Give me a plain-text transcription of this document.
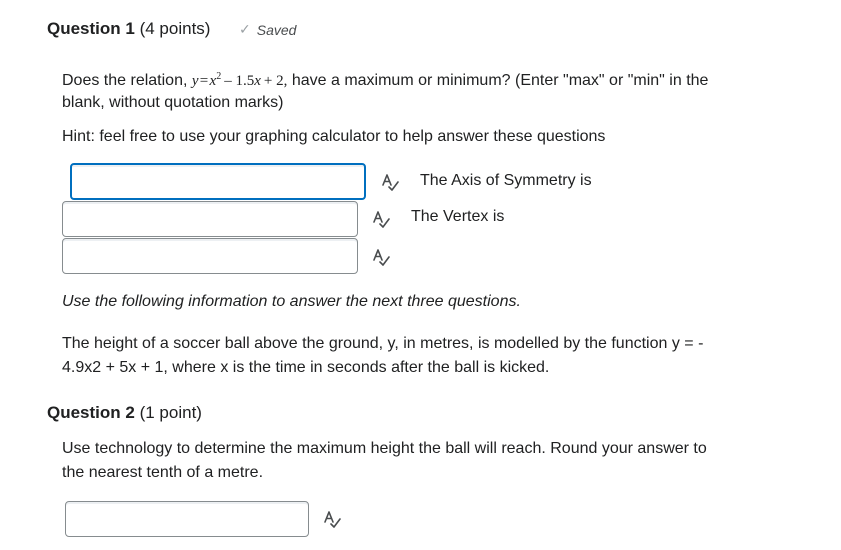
Question 1 (4 points) ✓ Saved
Does the relation, y = $x^2 - 1.5x + 2$, have a maximum or minimum? (Enter "max" or "min" in the
blank, without quotation marks)
Hint: feel free to use your graphing calculator to help answer these questions
The Axis of Symmetry is
The Vertex is
Use the following information to answer the next three questions.
The height of a soccer ball above the ground, y, in metres, is modelled by the function y = -
4.9x2 + 5x + 1, where x is the time in seconds after the ball is kicked.
Question 2 (1 point)
Use technology to determine the maximum height the ball will reach. Round your answer to
the nearest tenth of a metre.
